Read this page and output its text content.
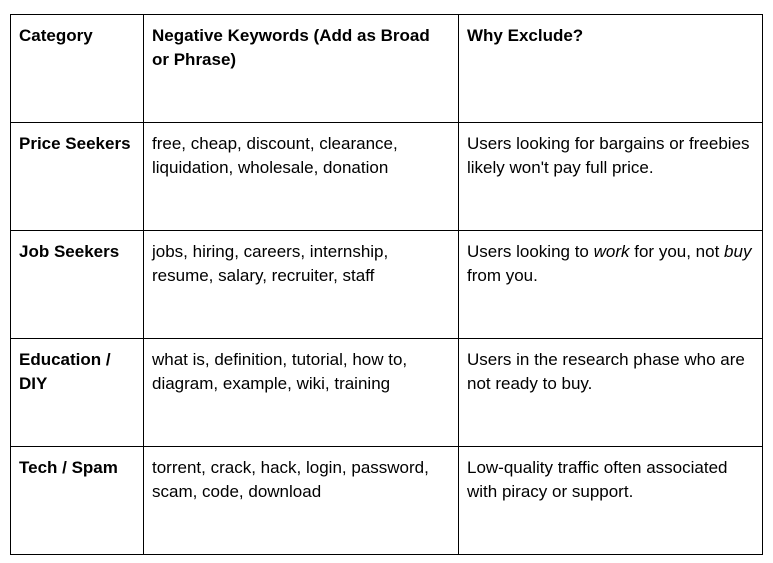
Category	Negative Keywords (Add as Broad or Phrase)	Why Exclude?
Price Seekers	free, cheap, discount, clearance, liquidation, wholesale, donation	Users looking for bargains or freebies likely won't pay full price.
Job Seekers	jobs, hiring, careers, internship, resume, salary, recruiter, staff	Users looking to work for you, not buy from you.
Education / DIY	what is, definition, tutorial, how to, diagram, example, wiki, training	Users in the research phase who are not ready to buy.
Tech / Spam	torrent, crack, hack, login, password, scam, code, download	Low-quality traffic often associated with piracy or support.
